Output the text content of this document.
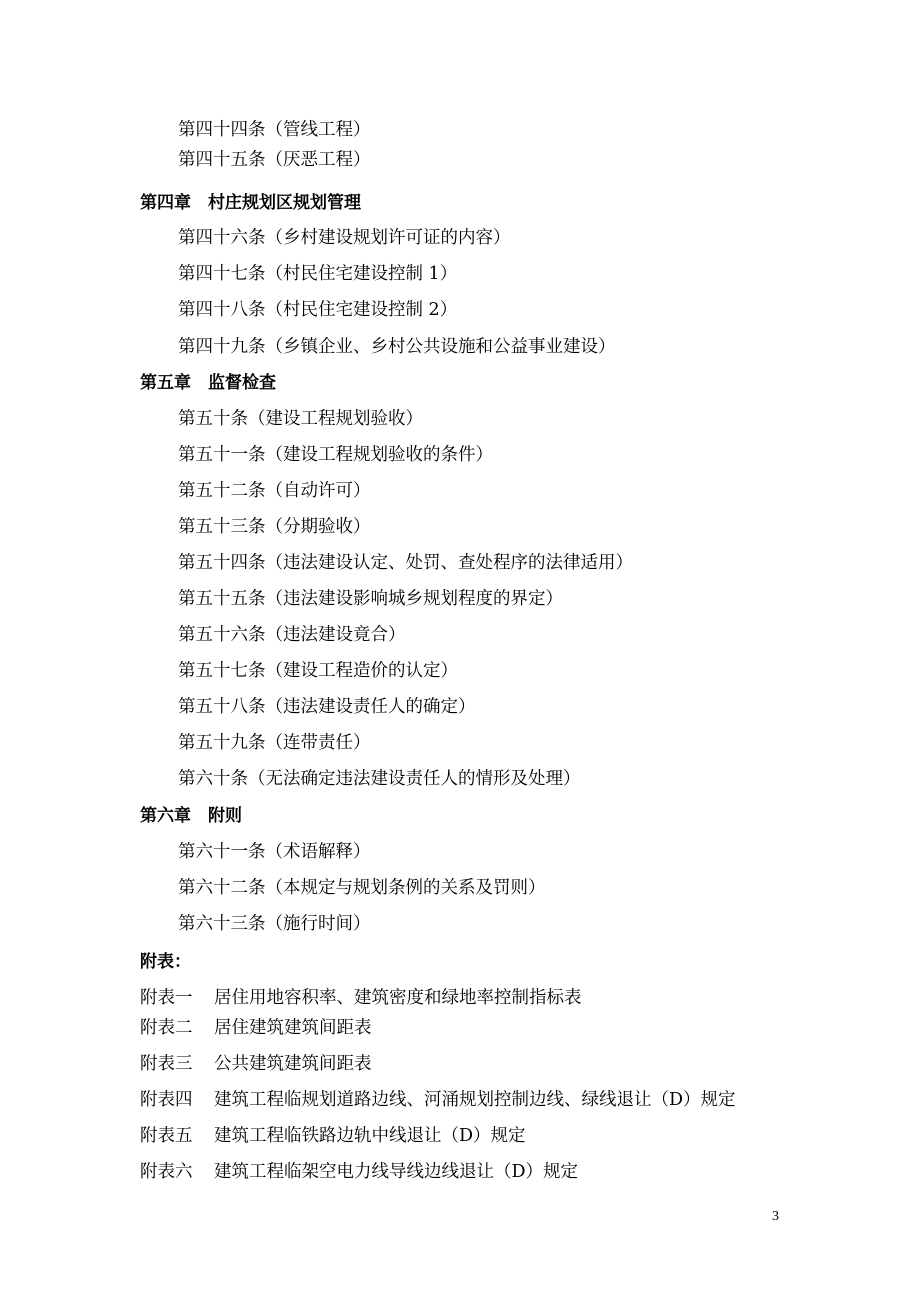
第四十四条（管线工程）
第四十五条（厌恶工程）
第四章　村庄规划区规划管理
第四十六条（乡村建设规划许可证的内容）
第四十七条（村民住宅建设控制 1）
第四十八条（村民住宅建设控制 2）
第四十九条（乡镇企业、乡村公共设施和公益事业建设）
第五章　监督检查
第五十条（建设工程规划验收）
第五十一条（建设工程规划验收的条件）
第五十二条（自动许可）
第五十三条（分期验收）
第五十四条（违法建设认定、处罚、查处程序的法律适用）
第五十五条（违法建设影响城乡规划程度的界定）
第五十六条（违法建设竟合）
第五十七条（建设工程造价的认定）
第五十八条（违法建设责任人的确定）
第五十九条（连带责任）
第六十条（无法确定违法建设责任人的情形及处理）
第六章　附则
第六十一条（术语解释）
第六十二条（本规定与规划条例的关系及罚则）
第六十三条（施行时间）
附表：
附表一 居住用地容积率、建筑密度和绿地率控制指标表
附表二 居住建筑建筑间距表
附表三 公共建筑建筑间距表
附表四 建筑工程临规划道路边线、河涌规划控制边线、绿线退让（D）规定
附表五 建筑工程临铁路边轨中线退让（D）规定
附表六 建筑工程临架空电力线导线边线退让（D）规定
3
